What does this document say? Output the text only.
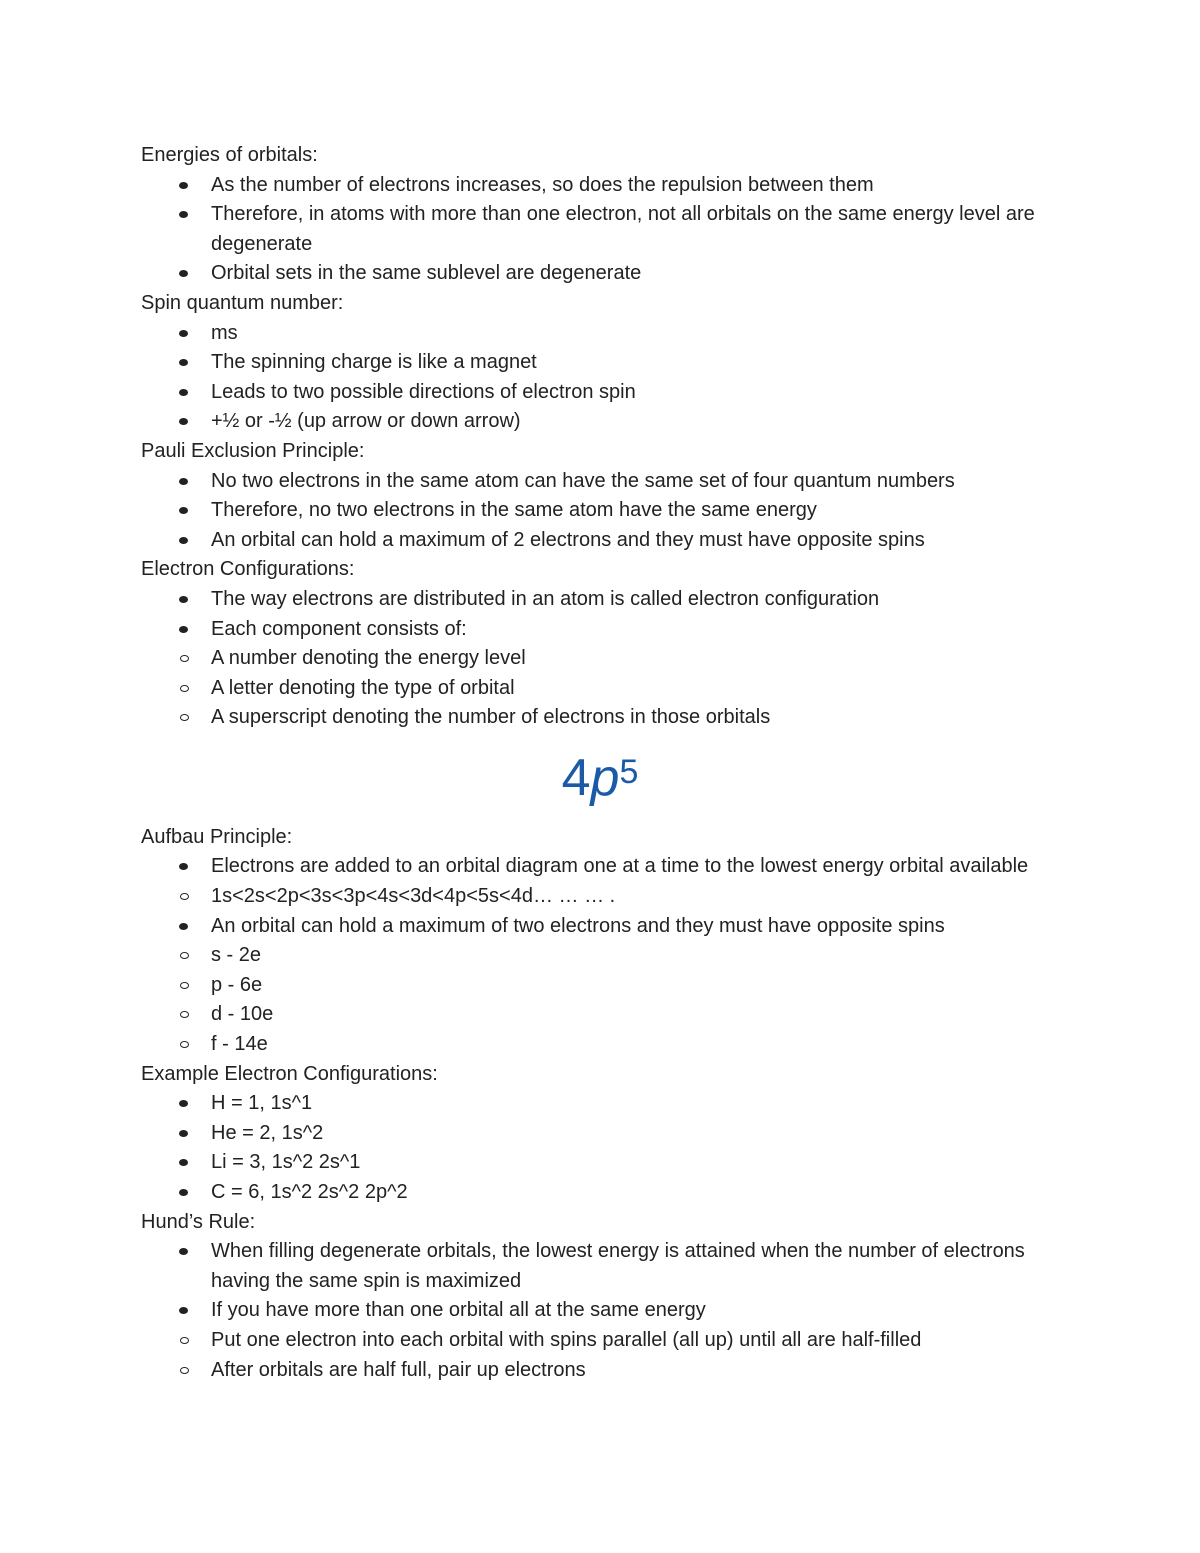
Energies of orbitals:
As the number of electrons increases, so does the repulsion between them
Therefore, in atoms with more than one electron, not all orbitals on the same energy level are degenerate
Orbital sets in the same sublevel are degenerate
Spin quantum number:
ms
The spinning charge is like a magnet
Leads to two possible directions of electron spin
+½ or -½ (up arrow or down arrow)
Pauli Exclusion Principle:
No two electrons in the same atom can have the same set of four quantum numbers
Therefore, no two electrons in the same atom have the same energy
An orbital can hold a maximum of 2 electrons and they must have opposite spins
Electron Configurations:
The way electrons are distributed in an atom is called electron configuration
Each component consists of:
A number denoting the energy level
A letter denoting the type of orbital
A superscript denoting the number of electrons in those orbitals
$4p^5$
Aufbau Principle:
Electrons are added to an orbital diagram one at a time to the lowest energy orbital available
1s<2s<2p<3s<3p<4s<3d<4p<5s<4d… … … .
An orbital can hold a maximum of two electrons and they must have opposite spins
s - 2e
p - 6e
d - 10e
f - 14e
Example Electron Configurations:
H = 1, 1s^1
He = 2, 1s^2
Li = 3, 1s^2 2s^1
C = 6, 1s^2 2s^2 2p^2
Hund’s Rule:
When filling degenerate orbitals, the lowest energy is attained when the number of electrons having the same spin is maximized
If you have more than one orbital all at the same energy
Put one electron into each orbital with spins parallel (all up) until all are half-filled
After orbitals are half full, pair up electrons
